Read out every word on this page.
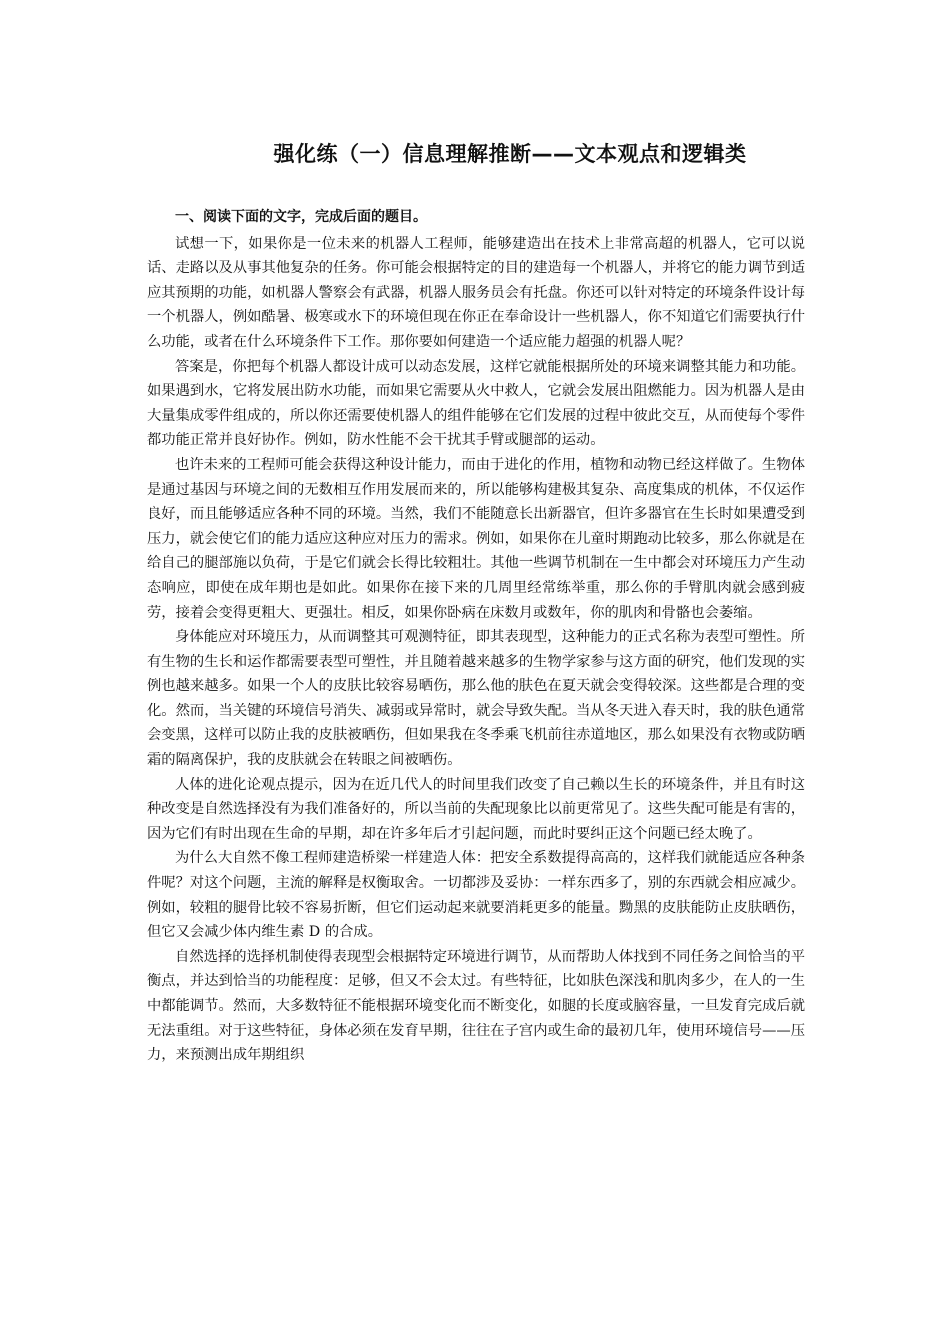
强化练（一）信息理解推断——文本观点和逻辑类

一、阅读下面的文字，完成后面的题目。

试想一下，如果你是一位未来的机器人工程师，能够建造出在技术上非常高超的机器人，它可以说话、走路以及从事其他复杂的任务。你可能会根据特定的目的建造每一个机器人，并将它的能力调节到适应其预期的功能，如机器人警察会有武器，机器人服务员会有托盘。你还可以针对特定的环境条件设计每一个机器人，例如酷暑、极寒或水下的环境但现在你正在奉命设计一些机器人，你不知道它们需要执行什么功能，或者在什么环境条件下工作。那你要如何建造一个适应能力超强的机器人呢？

答案是，你把每个机器人都设计成可以动态发展，这样它就能根据所处的环境来调整其能力和功能。如果遇到水，它将发展出防水功能，而如果它需要从火中救人，它就会发展出阻燃能力。因为机器人是由大量集成零件组成的，所以你还需要使机器人的组件能够在它们发展的过程中彼此交互，从而使每个零件都功能正常并良好协作。例如，防水性能不会干扰其手臂或腿部的运动。

也许未来的工程师可能会获得这种设计能力，而由于进化的作用，植物和动物已经这样做了。生物体是通过基因与环境之间的无数相互作用发展而来的，所以能够构建极其复杂、高度集成的机体，不仅运作良好，而且能够适应各种不同的环境。当然，我们不能随意长出新器官，但许多器官在生长时如果遭受到压力，就会使它们的能力适应这种应对压力的需求。例如，如果你在儿童时期跑动比较多，那么你就是在给自己的腿部施以负荷，于是它们就会长得比较粗壮。其他一些调节机制在一生中都会对环境压力产生动态响应，即使在成年期也是如此。如果你在接下来的几周里经常练举重，那么你的手臂肌肉就会感到疲劳，接着会变得更粗大、更强壮。相反，如果你卧病在床数月或数年，你的肌肉和骨骼也会萎缩。

身体能应对环境压力，从而调整其可观测特征，即其表现型，这种能力的正式名称为表型可塑性。所有生物的生长和运作都需要表型可塑性，并且随着越来越多的生物学家参与这方面的研究，他们发现的实例也越来越多。如果一个人的皮肤比较容易晒伤，那么他的肤色在夏天就会变得较深。这些都是合理的变化。然而，当关键的环境信号消失、减弱或异常时，就会导致失配。当从冬天进入春天时，我的肤色通常会变黑，这样可以防止我的皮肤被晒伤，但如果我在冬季乘飞机前往赤道地区，那么如果没有衣物或防晒霜的隔离保护，我的皮肤就会在转眼之间被晒伤。

人体的进化论观点提示，因为在近几代人的时间里我们改变了自己赖以生长的环境条件，并且有时这种改变是自然选择没有为我们准备好的，所以当前的失配现象比以前更常见了。这些失配可能是有害的，因为它们有时出现在生命的早期，却在许多年后才引起问题，而此时要纠正这个问题已经太晚了。

为什么大自然不像工程师建造桥梁一样建造人体：把安全系数提得高高的，这样我们就能适应各种条件呢？对这个问题，主流的解释是权衡取舍。一切都涉及妥协：一样东西多了，别的东西就会相应减少。例如，较粗的腿骨比较不容易折断，但它们运动起来就要消耗更多的能量。黝黑的皮肤能防止皮肤晒伤，但它又会减少体内维生素 D 的合成。

自然选择的选择机制使得表现型会根据特定环境进行调节，从而帮助人体找到不同任务之间恰当的平衡点，并达到恰当的功能程度：足够，但又不会太过。有些特征，比如肤色深浅和肌肉多少，在人的一生中都能调节。然而，大多数特征不能根据环境变化而不断变化，如腿的长度或脑容量，一旦发育完成后就无法重组。对于这些特征，身体必须在发育早期，往往在子宫内或生命的最初几年，使用环境信号——压力，来预测出成年期组织
